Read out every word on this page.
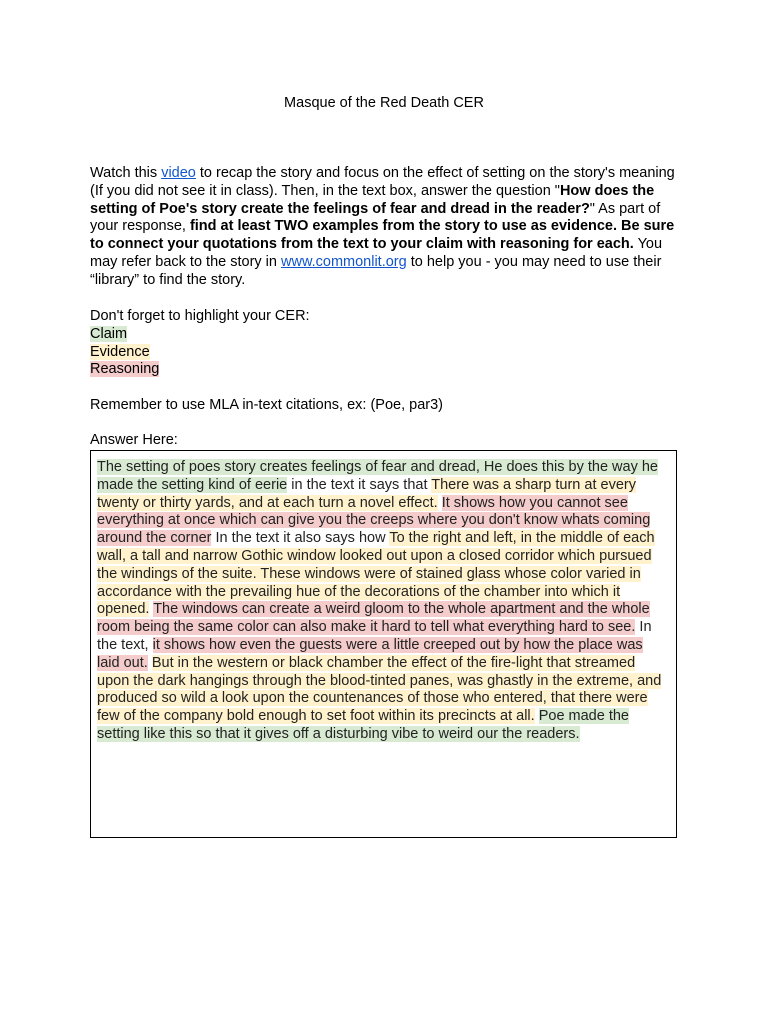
Masque of the Red Death CER
Watch this video to recap the story and focus on the effect of setting on the story's meaning (If you did not see it in class). Then, in the text box, answer the question "How does the setting of Poe's story create the feelings of fear and dread in the reader?" As part of your response, find at least TWO examples from the story to use as evidence. Be sure to connect your quotations from the text to your claim with reasoning for each. You may refer back to the story in www.commonlit.org to help you - you may need to use their “library” to find the story.
Don't forget to highlight your CER:
Claim
Evidence
Reasoning
Remember to use MLA in-text citations, ex: (Poe, par3)
Answer Here:
The setting of poes story creates feelings of fear and dread, He does this by the way he made the setting kind of eerie in the text it says that There was a sharp turn at every twenty or thirty yards, and at each turn a novel effect. It shows how you cannot see everything at once which can give you the creeps where you don't know whats coming around the corner In the text it also says how To the right and left, in the middle of each wall, a tall and narrow Gothic window looked out upon a closed corridor which pursued the windings of the suite. These windows were of stained glass whose color varied in accordance with the prevailing hue of the decorations of the chamber into which it opened. The windows can create a weird gloom to the whole apartment and the whole room being the same color can also make it hard to tell what everything hard to see. In the text, it shows how even the guests were a little creeped out by how the place was laid out. But in the western or black chamber the effect of the fire-light that streamed upon the dark hangings through the blood-tinted panes, was ghastly in the extreme, and produced so wild a look upon the countenances of those who entered, that there were few of the company bold enough to set foot within its precincts at all. Poe made the setting like this so that it gives off a disturbing vibe to weird our the readers.
